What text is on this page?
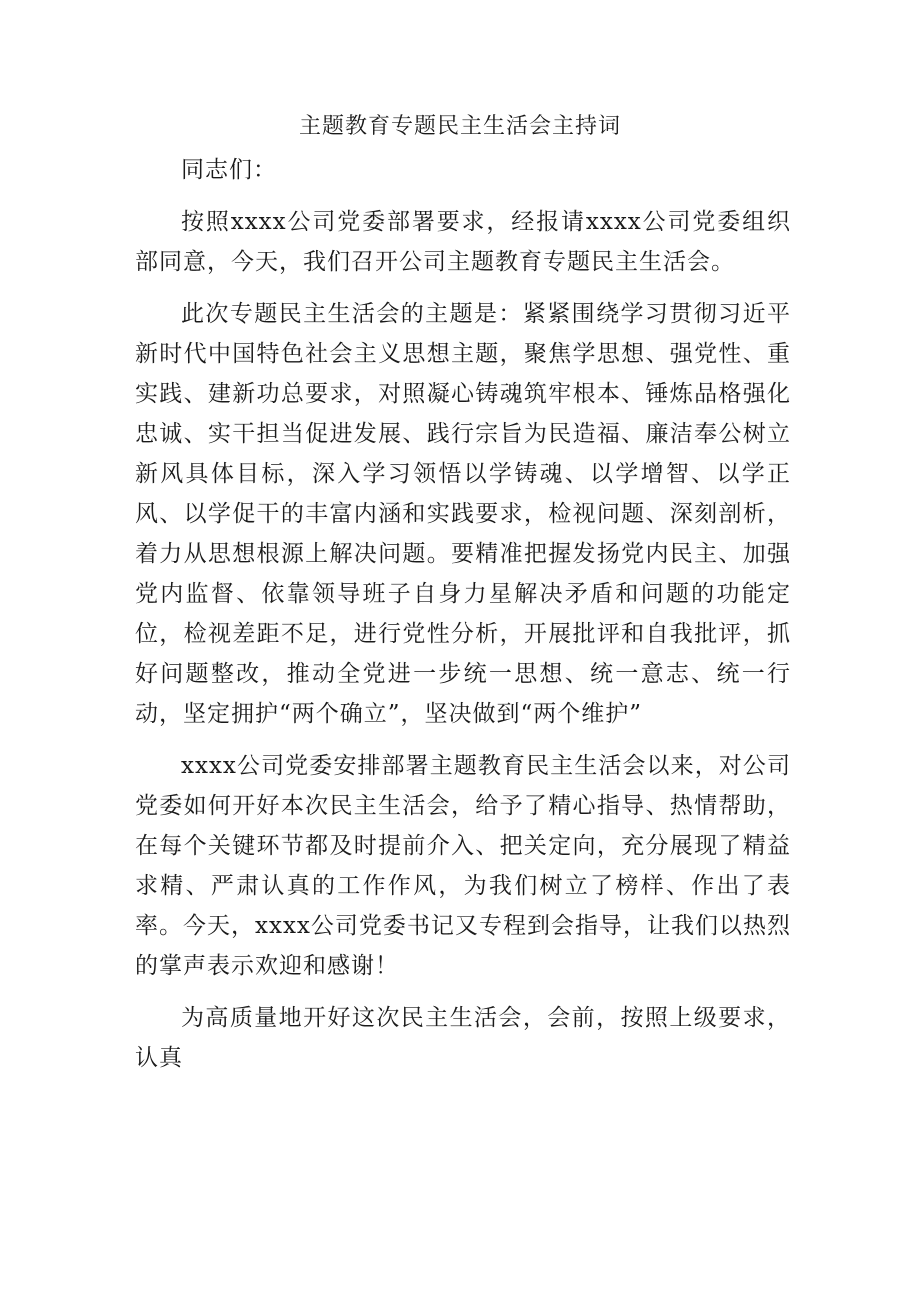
主题教育专题民主生活会主持词

同志们：

按照xxxx公司党委部署要求，经报请xxxx公司党委组织部同意，今天，我们召开公司主题教育专题民主生活会。

此次专题民主生活会的主题是：紧紧围绕学习贯彻习近平新时代中国特色社会主义思想主题，聚焦学思想、强党性、重实践、建新功总要求，对照凝心铸魂筑牢根本、锤炼品格强化忠诚、实干担当促进发展、践行宗旨为民造福、廉洁奉公树立新风具体目标，深入学习领悟以学铸魂、以学增智、以学正风、以学促干的丰富内涵和实践要求，检视问题、深刻剖析，着力从思想根源上解决问题。要精准把握发扬党内民主、加强党内监督、依靠领导班子自身力星解决矛盾和问题的功能定位，检视差距不足，进行党性分析，开展批评和自我批评，抓好问题整改，推动全党进一步统一思想、统一意志、统一行动，坚定拥护“两个确立”，坚决做到“两个维护”

xxxx公司党委安排部署主题教育民主生活会以来，对公司党委如何开好本次民主生活会，给予了精心指导、热情帮助，在每个关键环节都及时提前介入、把关定向，充分展现了精益求精、严肃认真的工作作风，为我们树立了榜样、作出了表率。今天，xxxx公司党委书记又专程到会指导，让我们以热烈的掌声表示欢迎和感谢！

为高质量地开好这次民主生活会，会前，按照上级要求，认真
